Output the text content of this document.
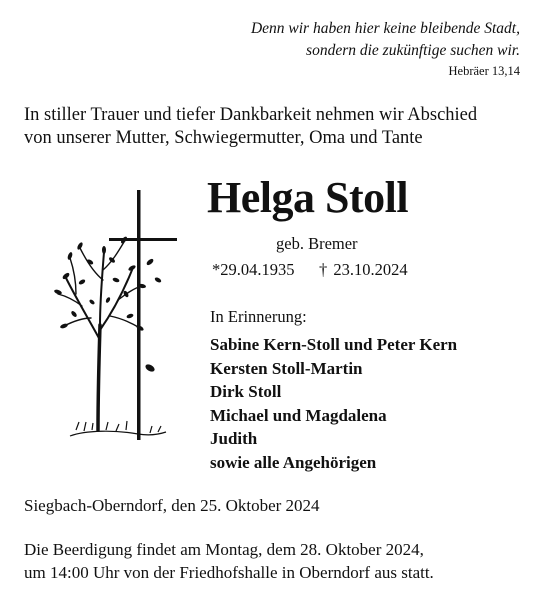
Denn wir haben hier keine bleibende Stadt,
sondern die zukünftige suchen wir.
Hebräer 13,14
In stiller Trauer und tiefer Dankbarkeit nehmen wir Abschied
von unserer Mutter, Schwiegermutter, Oma und Tante
Helga Stoll
geb. Bremer
*29.04.1935 † 23.10.2024
In Erinnerung:
Sabine Kern-Stoll und Peter Kern
Kersten Stoll-Martin
Dirk Stoll
Michael und Magdalena
Judith
sowie alle Angehörigen
Siegbach-Oberndorf, den 25. Oktober 2024
Die Beerdigung findet am Montag, dem 28. Oktober 2024,
um 14:00 Uhr von der Friedhofshalle in Oberndorf aus statt.
